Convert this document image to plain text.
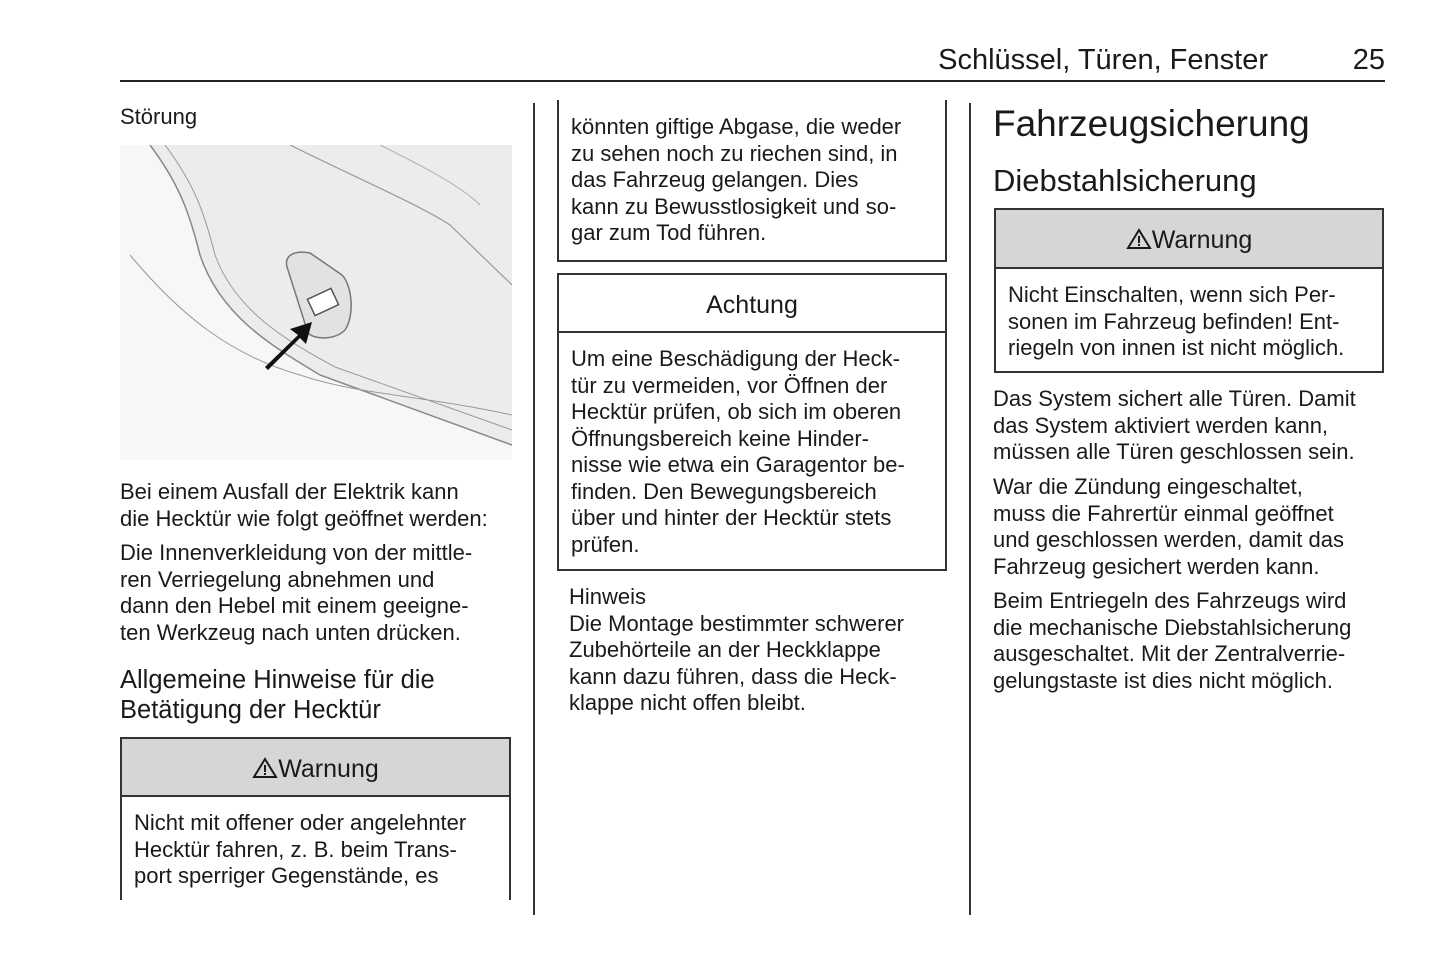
Schlüssel, Türen, Fenster	25
Störung
Bei einem Ausfall der Elektrik kann
die Hecktür wie folgt geöffnet werden:
Die Innenverkleidung von der mittle-
ren Verriegelung abnehmen und
dann den Hebel mit einem geeigne-
ten Werkzeug nach unten drücken.
Allgemeine Hinweise für die
Betätigung der Hecktür
Warnung
Nicht mit offener oder angelehnter
Hecktür fahren, z. B. beim Trans-
port sperriger Gegenstände, es
könnten giftige Abgase, die weder
zu sehen noch zu riechen sind, in
das Fahrzeug gelangen. Dies
kann zu Bewusstlosigkeit und so-
gar zum Tod führen.
Achtung
Um eine Beschädigung der Heck-
tür zu vermeiden, vor Öffnen der
Hecktür prüfen, ob sich im oberen
Öffnungsbereich keine Hinder-
nisse wie etwa ein Garagentor be-
finden. Den Bewegungsbereich
über und hinter der Hecktür stets
prüfen.
Hinweis
Die Montage bestimmter schwerer
Zubehörteile an der Heckklappe
kann dazu führen, dass die Heck-
klappe nicht offen bleibt.
Fahrzeugsicherung
Diebstahlsicherung
Warnung
Nicht Einschalten, wenn sich Per-
sonen im Fahrzeug befinden! Ent-
riegeln von innen ist nicht möglich.
Das System sichert alle Türen. Damit
das System aktiviert werden kann,
müssen alle Türen geschlossen sein.
War die Zündung eingeschaltet,
muss die Fahrertür einmal geöffnet
und geschlossen werden, damit das
Fahrzeug gesichert werden kann.
Beim Entriegeln des Fahrzeugs wird
die mechanische Diebstahlsicherung
ausgeschaltet. Mit der Zentralverrie-
gelungstaste ist dies nicht möglich.
